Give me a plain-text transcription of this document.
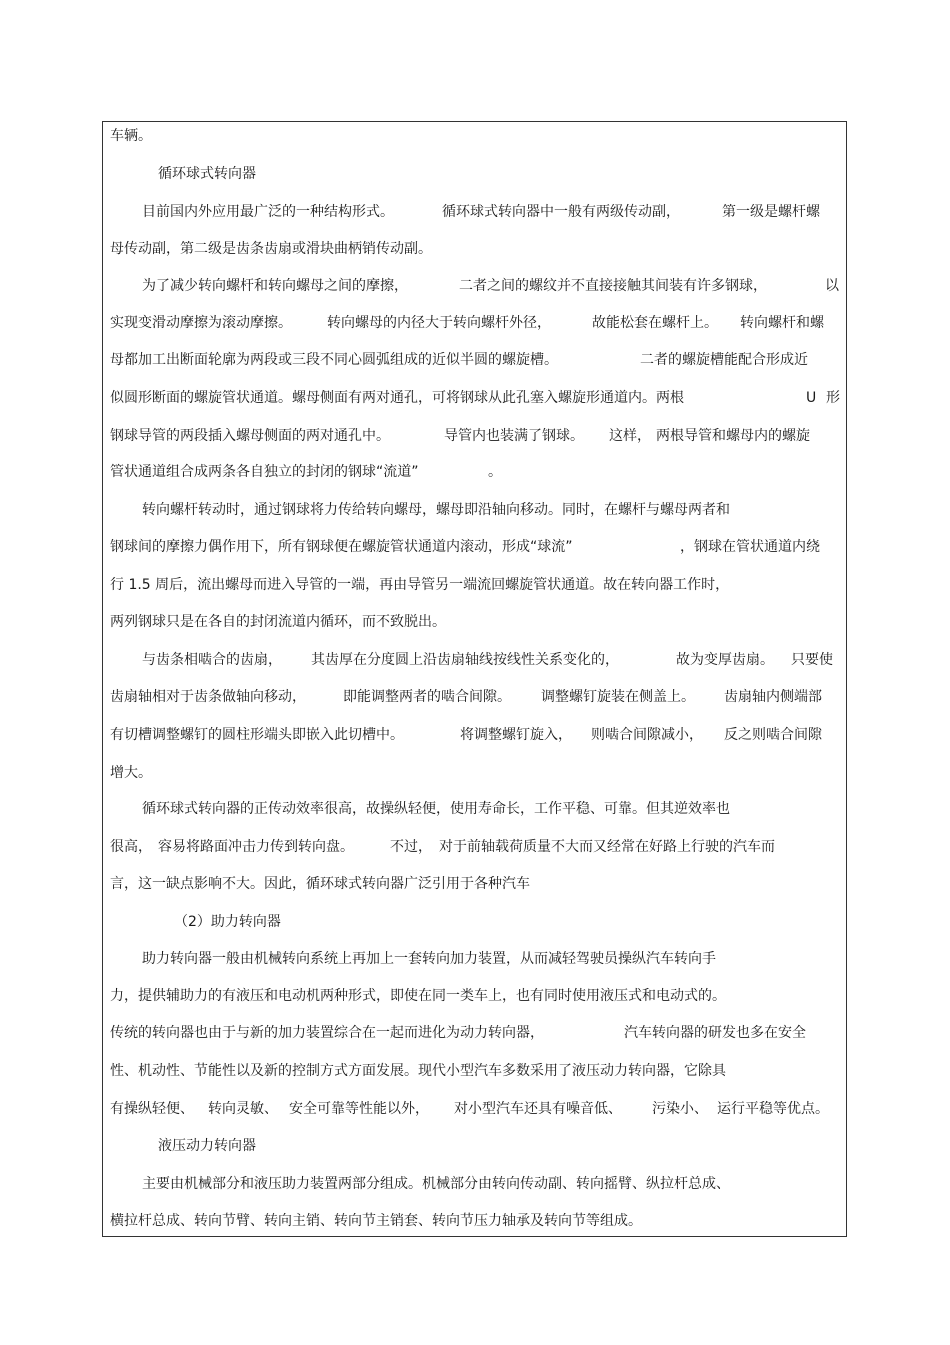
车辆。
循环球式转向器
目前国内外应用最广泛的一种结构形式。	循环球式转向器中一般有两级传动副，	第一级是螺杆螺
母传动副，第二级是齿条齿扇或滑块曲柄销传动副。
为了减少转向螺杆和转向螺母之间的摩擦，	二者之间的螺纹并不直接接触其间装有许多钢球，	以
实现变滑动摩擦为滚动摩擦。	转向螺母的内径大于转向螺杆外径，	故能松套在螺杆上。 转向螺杆和螺
母都加工出断面轮廓为两段或三段不同心圆弧组成的近似半圆的螺旋槽。	二者的螺旋槽能配合形成近
似圆形断面的螺旋管状通道。螺母侧面有两对通孔，可将钢球从此孔塞入螺旋形通道内。两根	U 形
钢球导管的两段插入螺母侧面的两对通孔中。	导管内也装满了钢球。 这样， 两根导管和螺母内的螺旋
管状通道组合成两条各自独立的封闭的钢球“流道”	。
转向螺杆转动时，通过钢球将力传给转向螺母，螺母即沿轴向移动。同时，在螺杆与螺母两者和
钢球间的摩擦力偶作用下，所有钢球便在螺旋管状通道内滚动，形成“球流”	，钢球在管状通道内绕
行 1.5 周后，流出螺母而进入导管的一端，再由导管另一端流回螺旋管状通道。故在转向器工作时，
两列钢球只是在各自的封闭流道内循环，而不致脱出。
与齿条相啮合的齿扇， 其齿厚在分度圆上沿齿扇轴线按线性关系变化的，	故为变厚齿扇。 只要使
齿扇轴相对于齿条做轴向移动，	即能调整两者的啮合间隙。 调整螺钉旋装在侧盖上。 齿扇轴内侧端部
有切槽调整螺钉的圆柱形端头即嵌入此切槽中。	将调整螺钉旋入， 则啮合间隙减小， 反之则啮合间隙
增大。
循环球式转向器的正传动效率很高，故操纵轻便，使用寿命长，工作平稳、可靠。但其逆效率也
很高， 容易将路面冲击力传到转向盘。	不过， 对于前轴载荷质量不大而又经常在好路上行驶的汽车而
言，这一缺点影响不大。因此，循环球式转向器广泛引用于各种汽车
（2）助力转向器
助力转向器一般由机械转向系统上再加上一套转向加力装置，从而减轻驾驶员操纵汽车转向手
力，提供辅助力的有液压和电动机两种形式，即使在同一类车上，也有同时使用液压式和电动式的。
传统的转向器也由于与新的加力装置综合在一起而进化为动力转向器，	汽车转向器的研发也多在安全
性、机动性、节能性以及新的控制方式方面发展。现代小型汽车多数采用了液压动力转向器，它除具
有操纵轻便、 转向灵敏、 安全可靠等性能以外， 对小型汽车还具有噪音低、 污染小、 运行平稳等优点。
液压动力转向器
主要由机械部分和液压助力装置两部分组成。机械部分由转向传动副、转向摇臂、纵拉杆总成、
横拉杆总成、转向节臂、转向主销、转向节主销套、转向节压力轴承及转向节等组成。
